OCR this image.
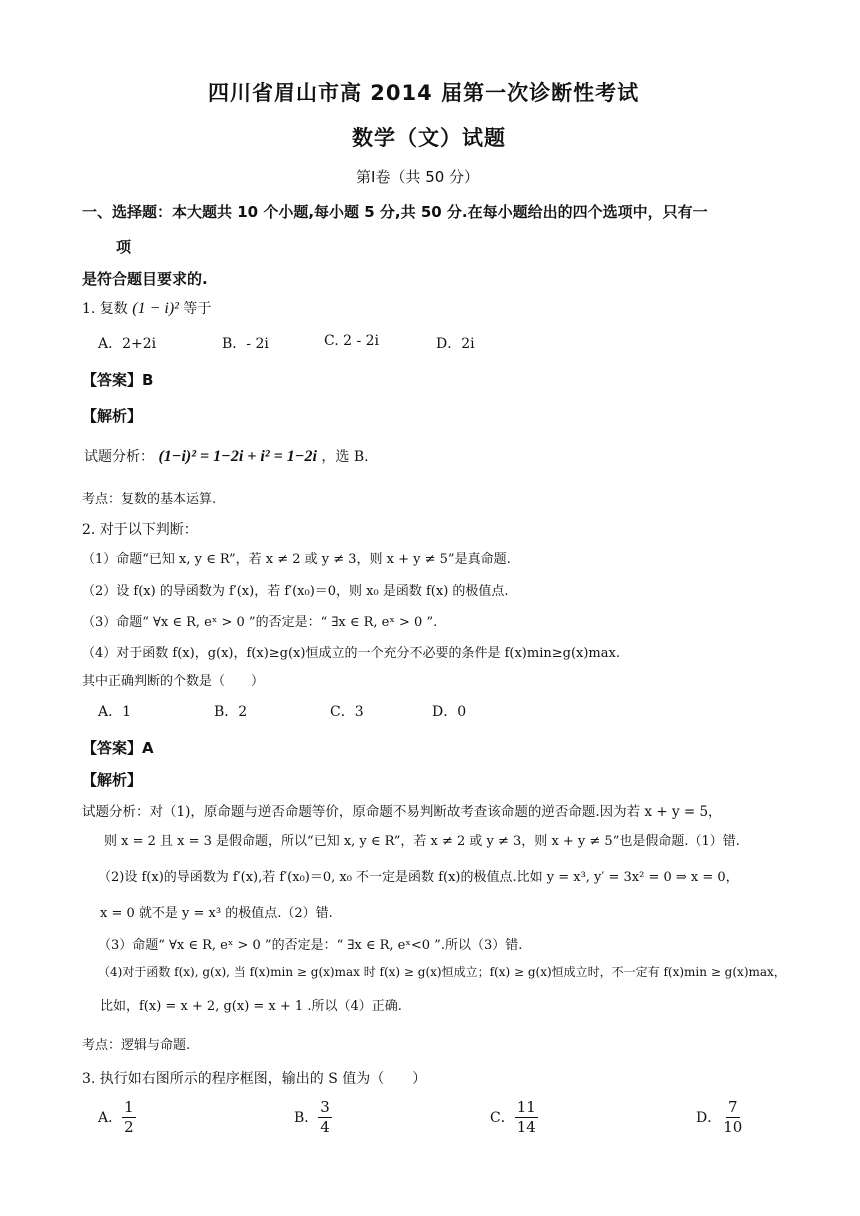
四川省眉山市高 2014 届第一次诊断性考试
数学（文）试题
第Ⅰ卷（共 50 分）
一、选择题：本大题共 10 个小题,每小题 5 分,共 50 分.在每小题给出的四个选项中，只有一
项
是符合题目要求的.
1. 复数 (1 − i)² 等于
A．2+2i	B．- 2i	C. 2 - 2i	D．2i
【答案】B
【解析】
试题分析： (1−i)² = 1−2i + i² = 1−2i ，选 B.
考点：复数的基本运算.
2. 对于以下判断：
（1）命题“已知 x, y ∈ R”，若 x ≠ 2 或 y ≠ 3，则 x + y ≠ 5”是真命题.
（2）设 f(x) 的导函数为 f′(x)，若 f′(x₀)＝0，则 x₀ 是函数 f(x) 的极值点.
（3）命题“ ∀x ∈ R, eˣ > 0 ”的否定是：“ ∃x ∈ R, eˣ > 0 ”.
（4）对于函数 f(x)，g(x)，f(x)≥g(x)恒成立的一个充分不必要的条件是 f(x)min≥g(x)max.
其中正确判断的个数是（　　）
A．1	B．2	C．3	D．0
【答案】A
【解析】
试题分析：对（1)，原命题与逆否命题等价，原命题不易判断故考查该命题的逆否命题.因为若 x + y = 5，
则 x = 2 且 x = 3 是假命题，所以“已知 x, y ∈ R”，若 x ≠ 2 或 y ≠ 3，则 x + y ≠ 5”也是假命题.（1）错.
（2)设 f(x)的导函数为 f′(x),若 f′(x₀)＝0, x₀ 不一定是函数 f(x)的极值点.比如 y = x³, y′ = 3x² = 0 ⇒ x = 0，
x = 0 就不是 y = x³ 的极值点.（2）错.
（3）命题“ ∀x ∈ R, eˣ > 0 ”的否定是：“ ∃x ∈ R, eˣ<0 ”.所以（3）错.
（4)对于函数 f(x), g(x), 当 f(x)min ≥ g(x)max 时 f(x) ≥ g(x)恒成立；f(x) ≥ g(x)恒成立时，不一定有 f(x)min ≥ g(x)max，
比如，f(x) = x + 2, g(x) = x + 1 .所以（4）正确.
考点：逻辑与命题.
3. 执行如右图所示的程序框图，输出的 S 值为（　　）
A． $\frac{1}{2}$	B． $\frac{3}{4}$	C． $\frac{11}{14}$	D． $\frac{7}{10}$
